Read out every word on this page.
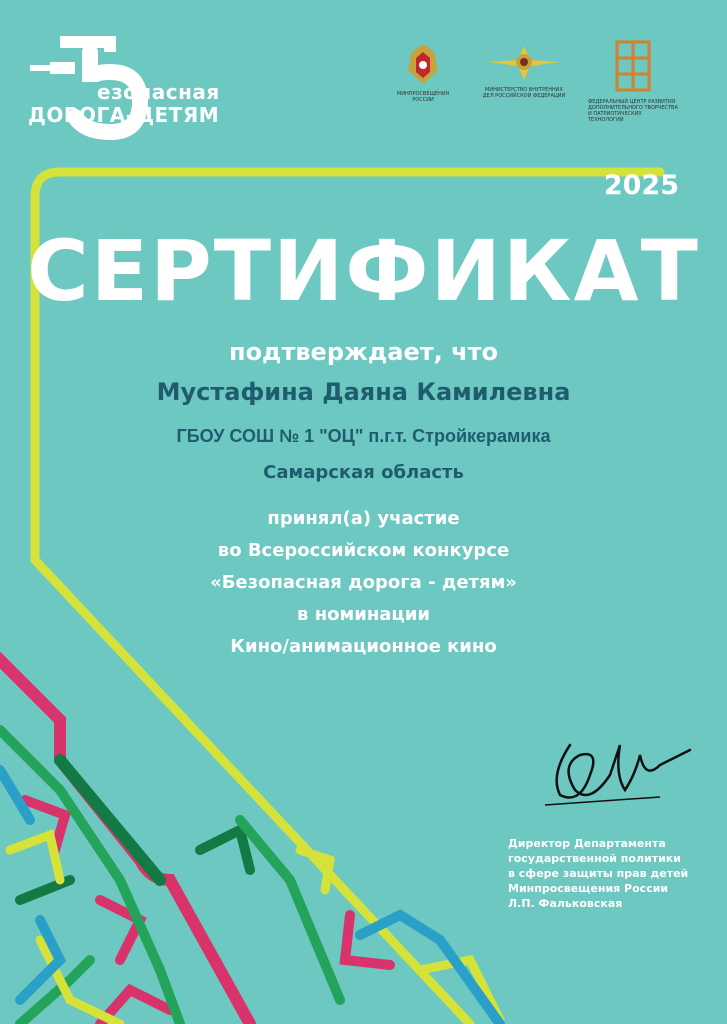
езопасная
ДОРОГА–ДЕТЯМ
МИНПРОСВЕЩЕНИЯ РОССИИ
МИНИСТЕРСТВО ВНУТРЕННИХ ДЕЛ РОССИЙСКОЙ ФЕДЕРАЦИИ
ФЕДЕРАЛЬНЫЙ ЦЕНТР РАЗВИТИЯ ДОПОЛНИТЕЛЬНОГО ТВОРЧЕСТВА И ПАТРИОТИЧЕСКИХ ТЕХНОЛОГИЙ
2025
СЕРТИФИКАТ
подтверждает, что
Мустафина Даяна Камилевна
ГБОУ СОШ № 1 "ОЦ" п.г.т. Стройкерамика
Самарская область
принял(а) участие
во Всероссийском конкурсе
«Безопасная дорога - детям»
в номинации
Кино/анимационное кино
Директор Департамента
государственной политики
в сфере защиты прав детей
Минпросвещения России
Л.П. Фальковская
